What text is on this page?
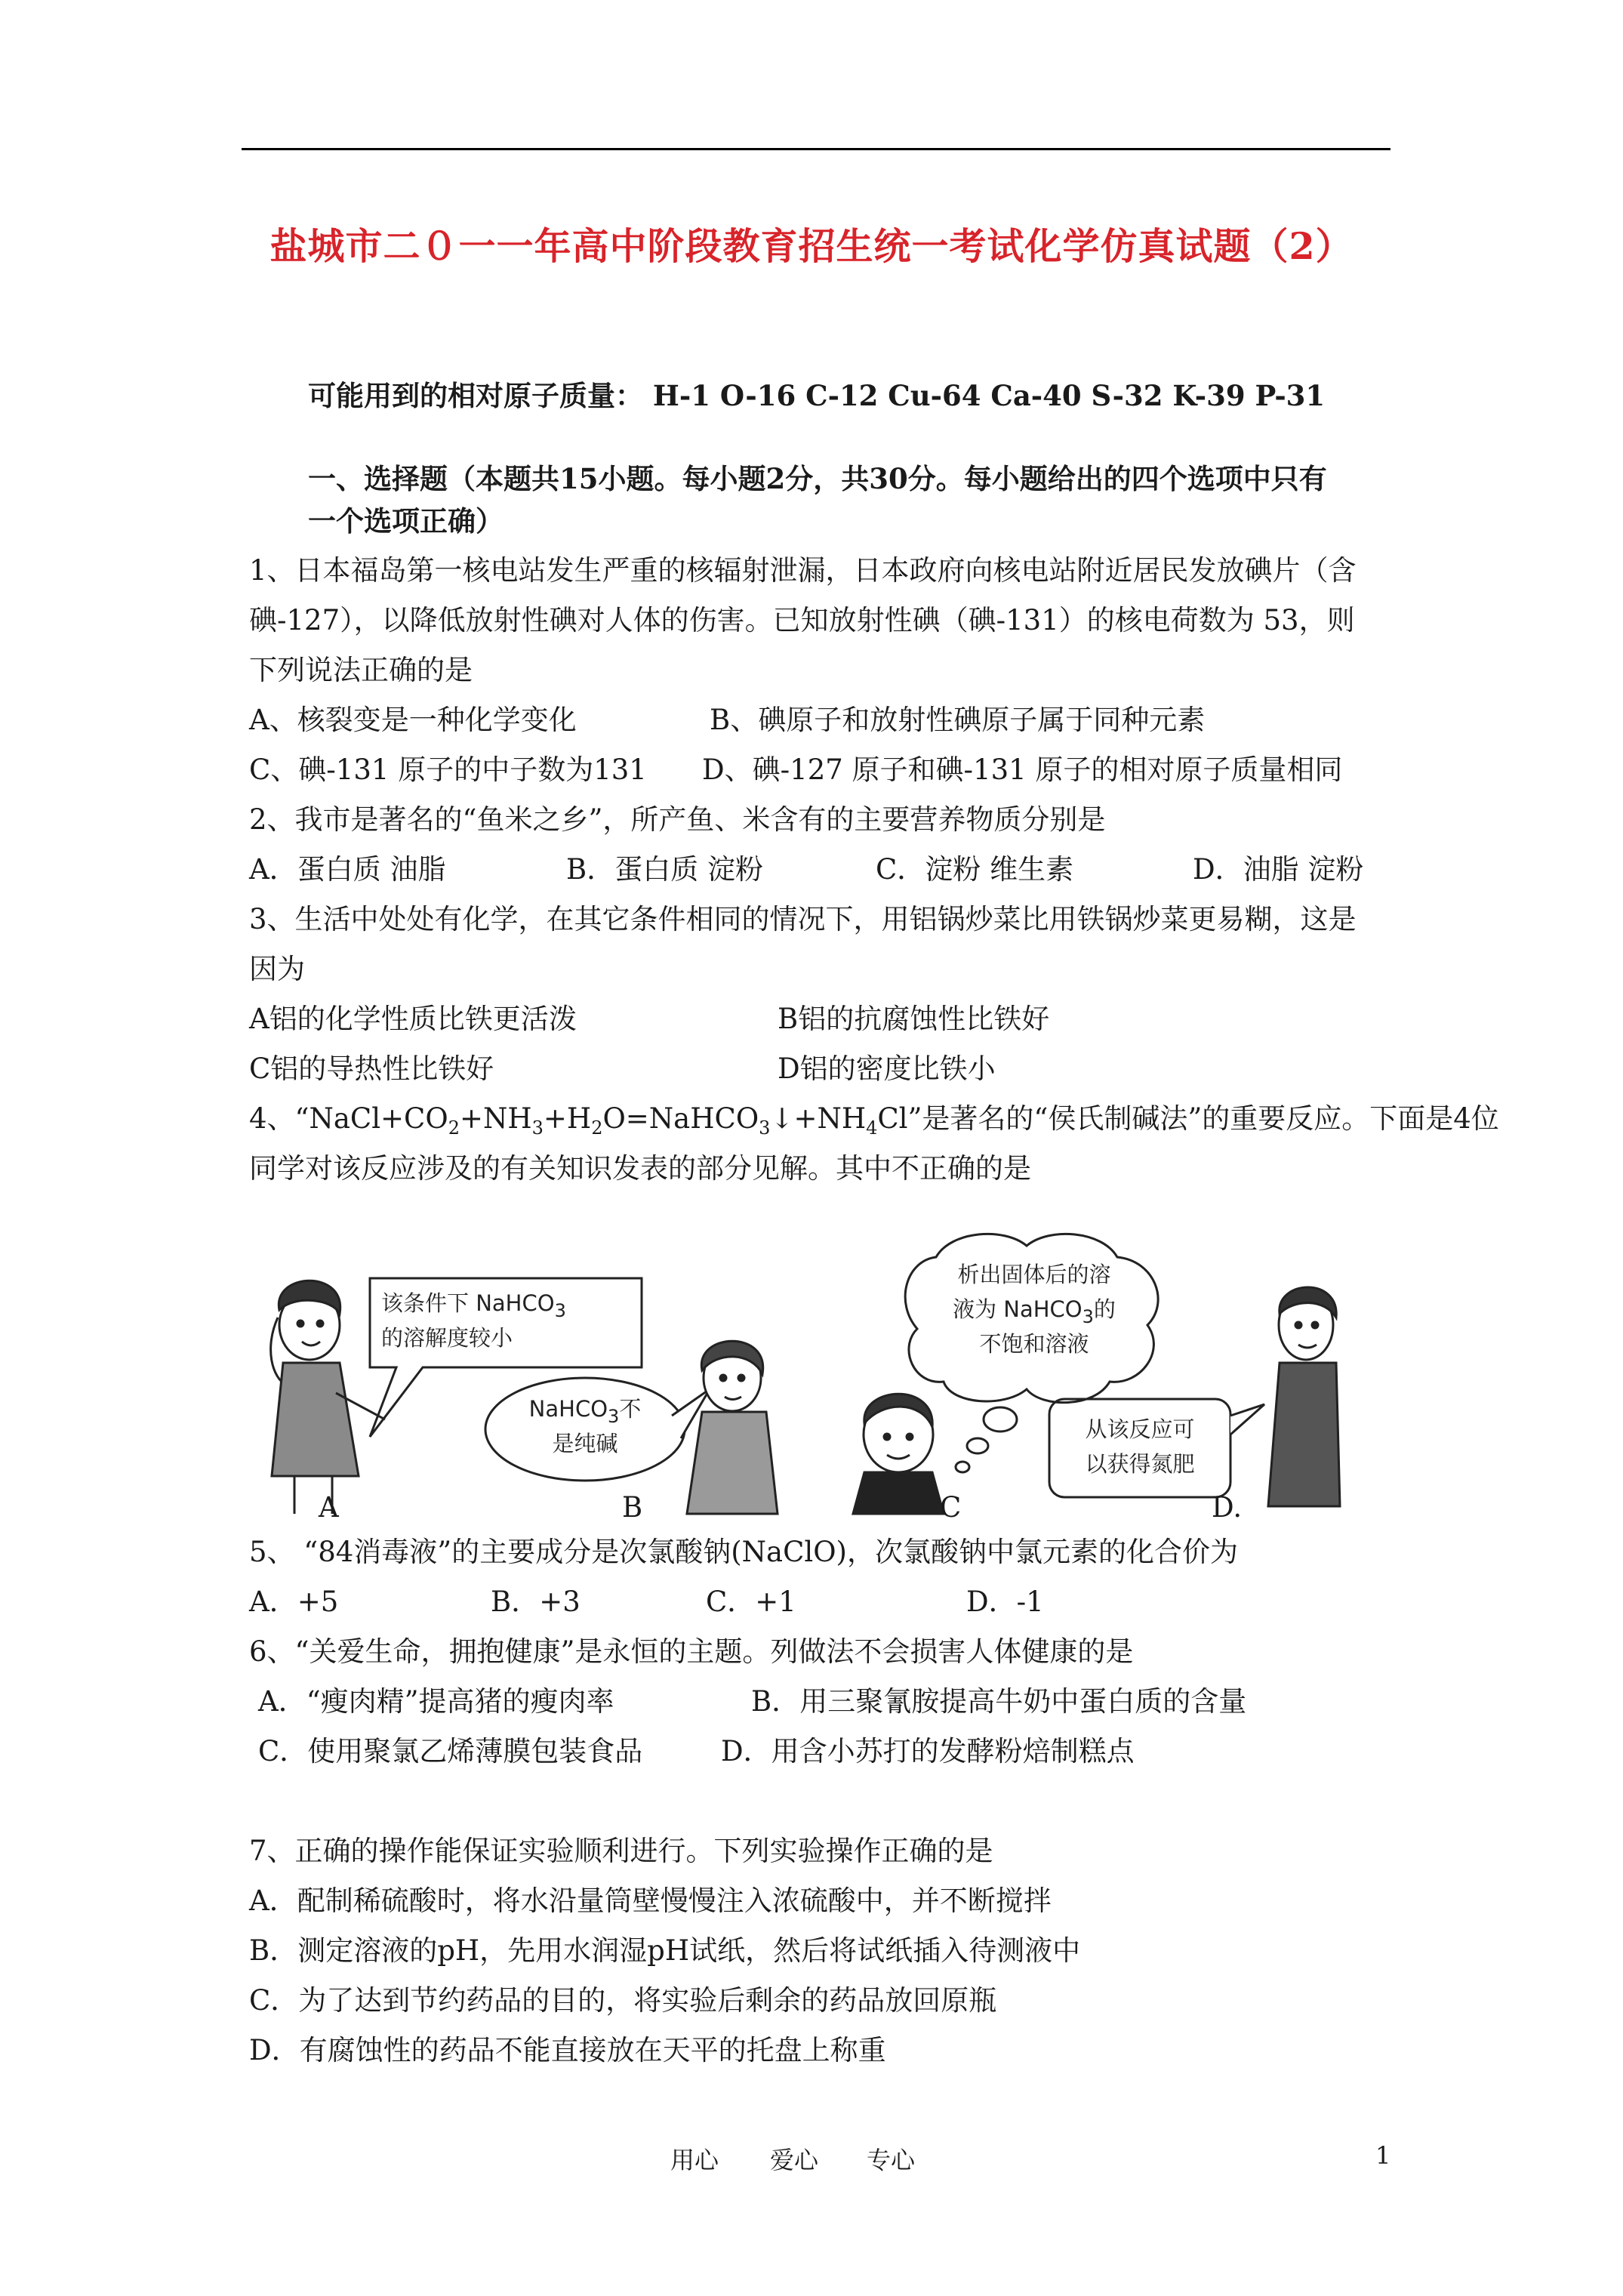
盐城市二０一一年高中阶段教育招生统一考试化学仿真试题（2）
可能用到的相对原子质量： H-1 O-16 C-12 Cu-64 Ca-40 S-32 K-39 P-31
一、选择题（本题共15小题。每小题2分，共30分。每小题给出的四个选项中只有
一个选项正确）
1、日本福岛第一核电站发生严重的核辐射泄漏，日本政府向核电站附近居民发放碘片（含
碘-127），以降低放射性碘对人体的伤害。已知放射性碘（碘-131）的核电荷数为 53，则
下列说法正确的是
A、核裂变是一种化学变化	B、碘原子和放射性碘原子属于同种元素
C、碘-131 原子的中子数为131 D、碘-127 原子和碘-131 原子的相对原子质量相同
2、我市是著名的“鱼米之乡”，所产鱼、米含有的主要营养物质分别是
A．蛋白质 油脂	B．蛋白质 淀粉	C．淀粉 维生素	D．油脂 淀粉
3、生活中处处有化学，在其它条件相同的情况下，用铝锅炒菜比用铁锅炒菜更易糊，这是
因为
A铝的化学性质比铁更活泼	B铝的抗腐蚀性比铁好
C铝的导热性比铁好	D铝的密度比铁小
4、“$NaCl+CO_2+NH_3+H_2O=NaHCO_3↓+NH_4Cl$”是著名的“侯氏制碱法”的重要反应。下面是4位
同学对该反应涉及的有关知识发表的部分见解。其中不正确的是
该条件下 NaHCO$_3$
的溶解度较小
NaHCO$_3$不
是纯碱
析出固体后的溶
液为 NaHCO$_3$的
不饱和溶液
从该反应可
以获得氮肥
A	B	C	D.
5、 “84消毒液”的主要成分是次氯酸钠(NaClO)，次氯酸钠中氯元素的化合价为
A．+5	B．+3	C．+1	D．-1
6、“关爱生命，拥抱健康”是永恒的主题。列做法不会损害人体健康的是
A．“瘦肉精”提高猪的瘦肉率	B．用三聚氰胺提高牛奶中蛋白质的含量
C．使用聚氯乙烯薄膜包装食品	D．用含小苏打的发酵粉焙制糕点
7、正确的操作能保证实验顺利进行。下列实验操作正确的是
A．配制稀硫酸时，将水沿量筒壁慢慢注入浓硫酸中，并不断搅拌
B．测定溶液的pH，先用水润湿pH试纸，然后将试纸插入待测液中
C．为了达到节约药品的目的，将实验后剩余的药品放回原瓶
D．有腐蚀性的药品不能直接放在天平的托盘上称重
用心 爱心 专心	1
